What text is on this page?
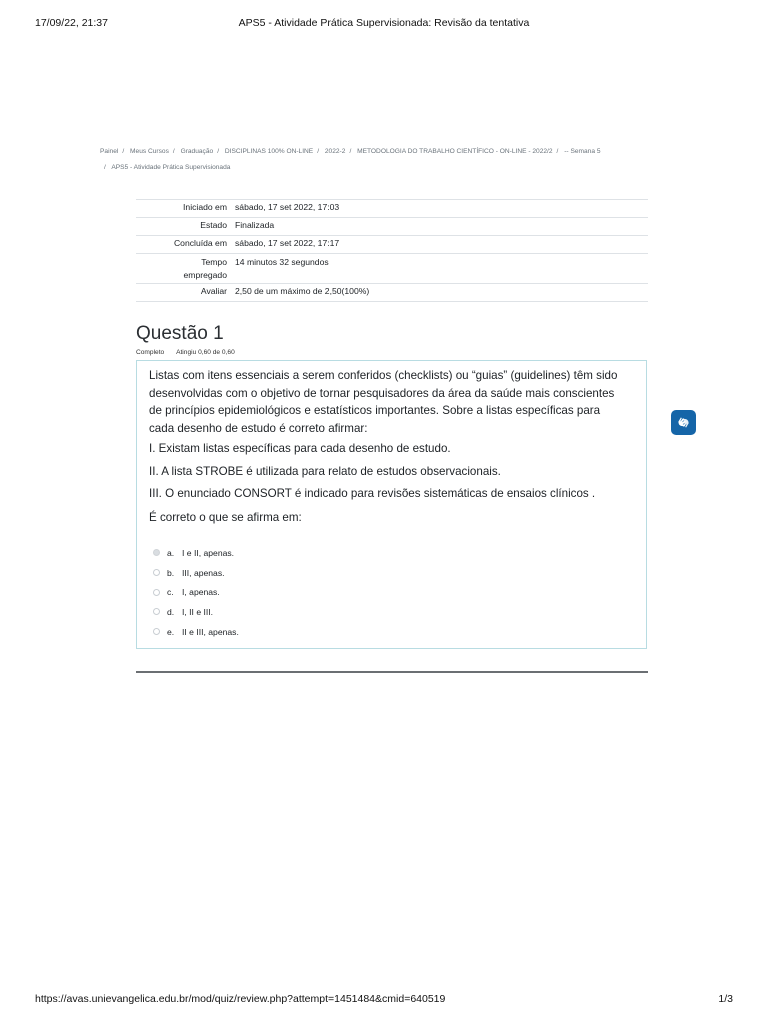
17/09/22, 21:37	APS5 - Atividade Prática Supervisionada: Revisão da tentativa
Painel / Meus Cursos / Graduação / DISCIPLINAS 100% ON-LINE / 2022-2 / METODOLOGIA DO TRABALHO CIENTÍFICO - ON-LINE - 2022/2 / -- Semana 5
/ APS5 - Atividade Prática Supervisionada
Iniciado em	sábado, 17 set 2022, 17:03
Estado	Finalizada
Concluída em	sábado, 17 set 2022, 17:17
Tempo
empregado	14 minutos 32 segundos
Avaliar	2,50 de um máximo de 2,50(100%)
Questão 1
Completo Atingiu 0,60 de 0,60

Listas com itens essenciais a serem conferidos (checklists) ou “guias” (guidelines) têm sido desenvolvidas com o objetivo de tornar pesquisadores da área da saúde mais conscientes de princípios epidemiológicos e estatísticos importantes. Sobre a listas específicas para cada desenho de estudo é correto afirmar:

I. Existam listas específicas para cada desenho de estudo.

II. A lista STROBE é utilizada para relato de estudos observacionais.

III. O enunciado CONSORT é indicado para revisões sistemáticas de ensaios clínicos .

É correto o que se afirma em:

a. I e II, apenas.
b. III, apenas.
c. I, apenas.
d. I, II e III.
e. II e III, apenas.
https://avas.unievangelica.edu.br/mod/quiz/review.php?attempt=1451484&cmid=640519	1/3
